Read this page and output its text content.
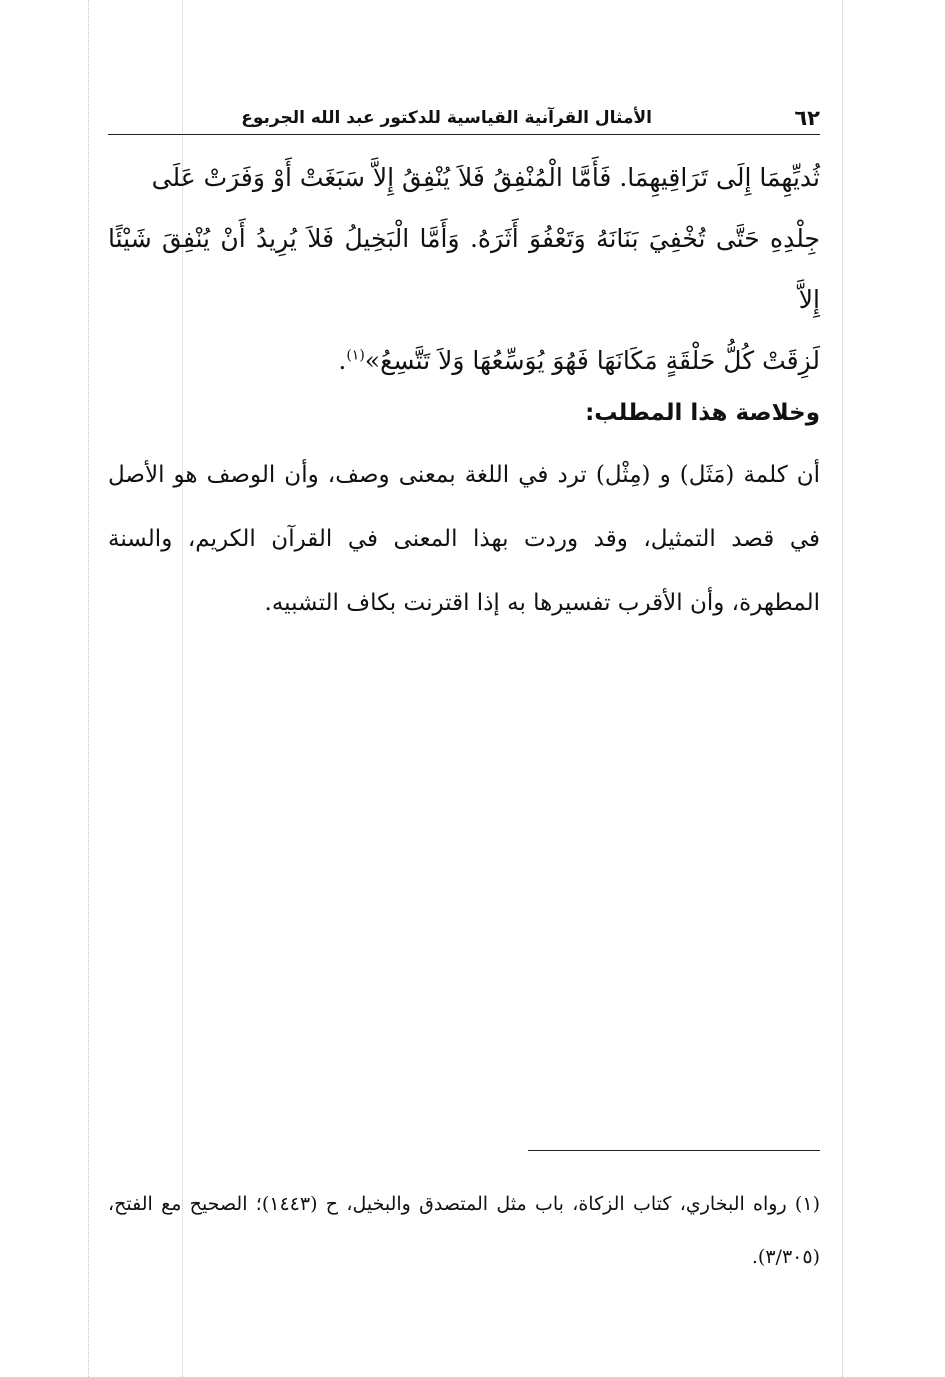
٦٢
الأمثال القرآنية القياسية للدكتور عبد الله الجربوع

ثُديِّهِمَا إِلَى تَرَاقِيهِمَا. فَأَمَّا الْمُنْفِقُ فَلاَ يُنْفِقُ إِلاَّ سَبَغَتْ أَوْ وَفَرَتْ عَلَى

جِلْدِهِ حَتَّى تُخْفِيَ بَنَانَهُ وَتَعْفُوَ أَثَرَهُ. وَأَمَّا الْبَخِيلُ فَلاَ يُرِيدُ أَنْ يُنْفِقَ شَيْئًا إِلاَّ

لَزِقَتْ كُلُّ حَلْقَةٍ مَكَانَهَا فَهُوَ يُوَسِّعُهَا وَلاَ تَتَّسِعُ»$^{(١)}$.

وخلاصة هذا المطلب:

أن كلمة (مَثَل) و (مِثْل) ترد في اللغة بمعنى وصف، وأن الوصف هو الأصل في قصد التمثيل، وقد وردت بهذا المعنى في القرآن الكريم، والسنة المطهرة، وأن الأقرب تفسيرها به إذا اقترنت بكاف التشبيه.

(١) رواه البخاري، كتاب الزكاة، باب مثل المتصدق والبخيل، ح (١٤٤٣)؛ الصحيح مع الفتح، (٣/٣٠٥).
